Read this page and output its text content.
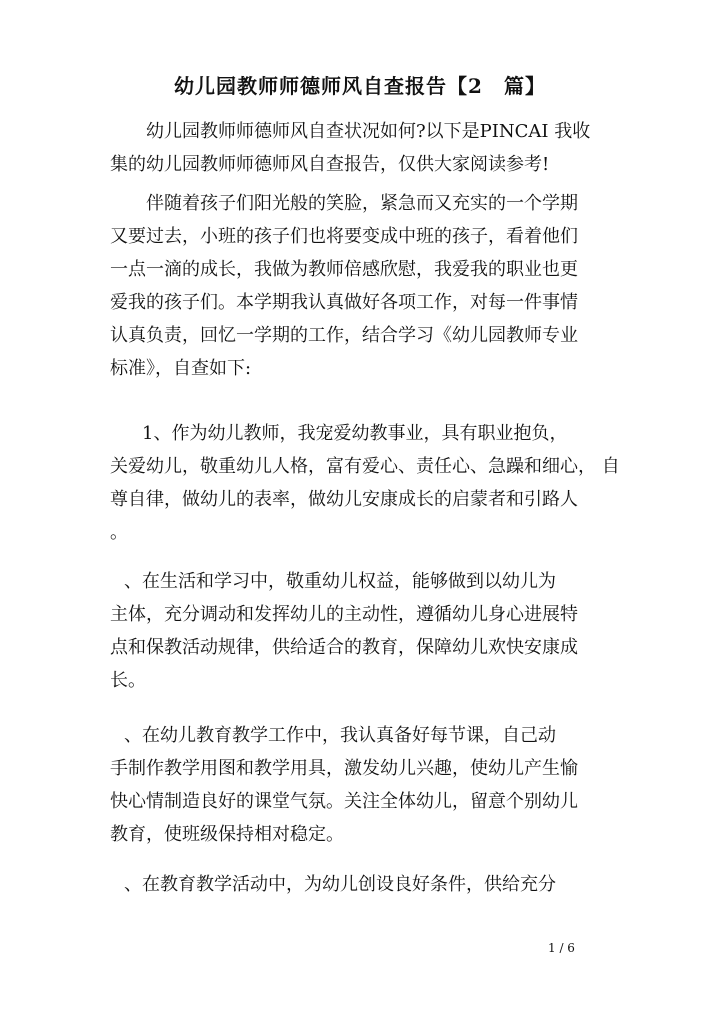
幼儿园教师师德师风自查报告【2　篇】

幼儿园教师师德师风自查状况如何?以下是PINCAI 我收
集的幼儿园教师师德师风自查报告，仅供大家阅读参考!

伴随着孩子们阳光般的笑脸，紧急而又充实的一个学期
又要过去，小班的孩子们也将要变成中班的孩子，看着他们
一点一滴的成长，我做为教师倍感欣慰，我爱我的职业也更
爱我的孩子们。本学期我认真做好各项工作，对每一件事情
认真负责，回忆一学期的工作，结合学习《幼儿园教师专业
标准》，自查如下:

1、作为幼儿教师，我宠爱幼教事业，具有职业抱负，
关爱幼儿，敬重幼儿人格，富有爱心、责任心、急躁和细心， 自
尊自律，做幼儿的表率，做幼儿安康成长的启蒙者和引路人
。

、在生活和学习中，敬重幼儿权益，能够做到以幼儿为
主体，充分调动和发挥幼儿的主动性，遵循幼儿身心进展特
点和保教活动规律，供给适合的教育，保障幼儿欢快安康成
长。

、在幼儿教育教学工作中，我认真备好每节课，自己动
手制作教学用图和教学用具，激发幼儿兴趣，使幼儿产生愉
快心情制造良好的课堂气氛。关注全体幼儿，留意个别幼儿
教育，使班级保持相对稳定。

、在教育教学活动中，为幼儿创设良好条件，供给充分

1 / 6
